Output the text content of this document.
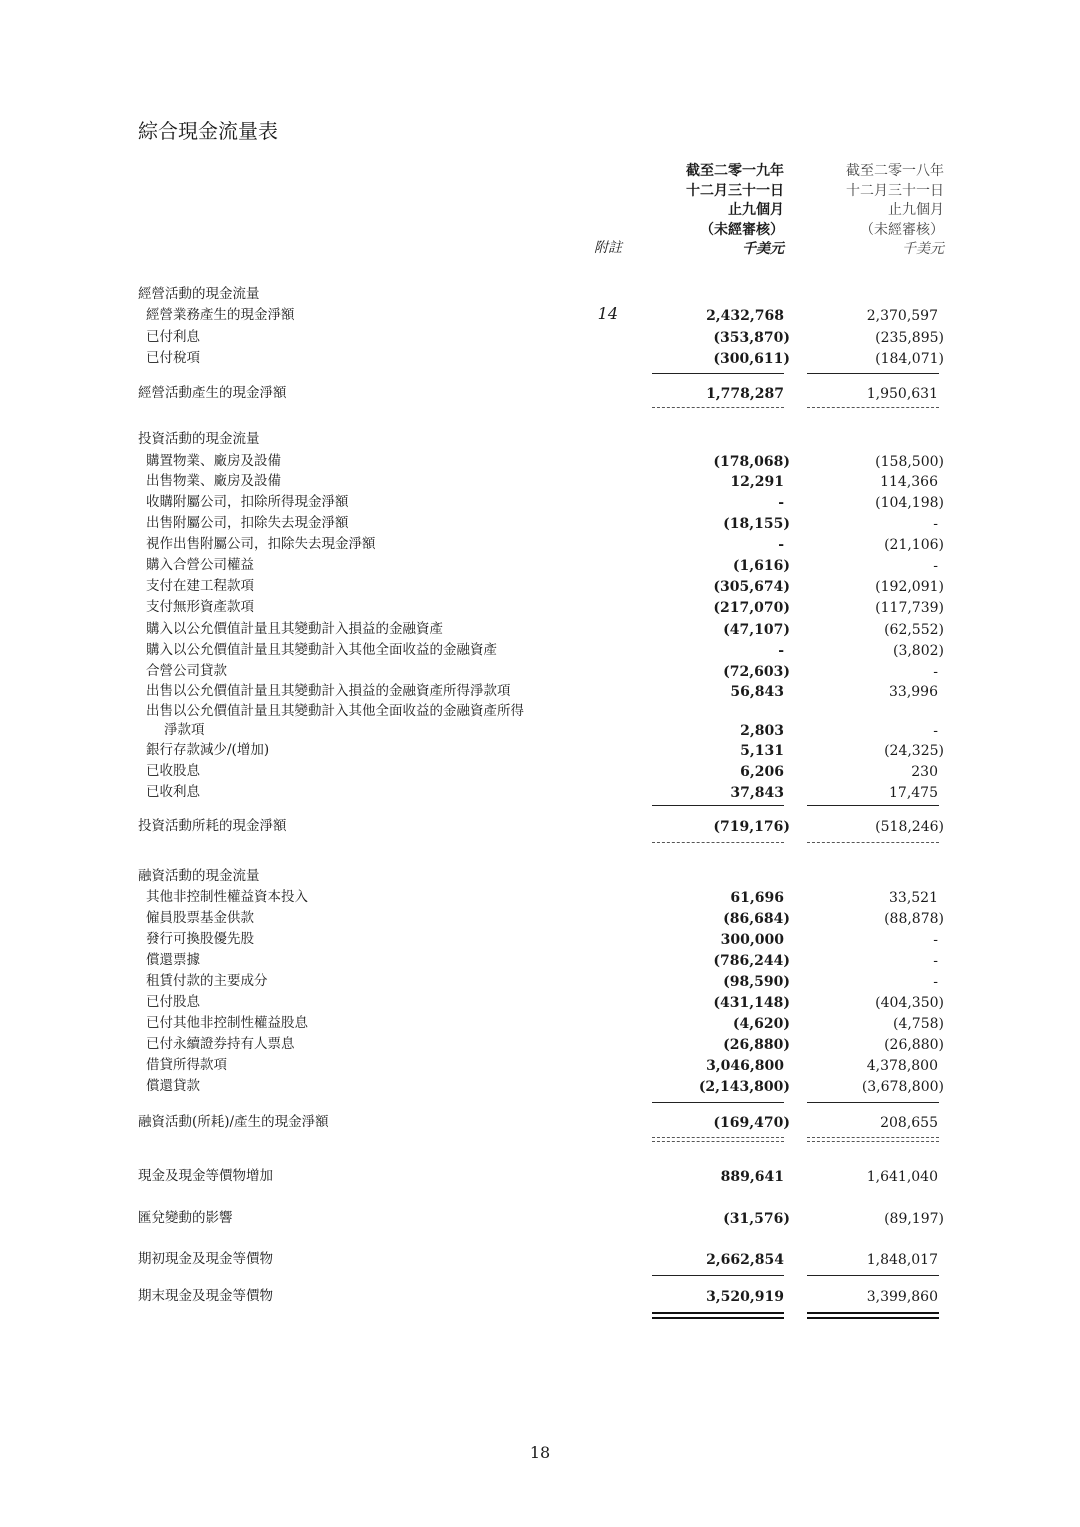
綜合現金流量表
附註
截至二零一九年
十二月三十一日
止九個月
（未經審核）
千美元
截至二零一八年
十二月三十一日
止九個月
（未經審核）
千美元
經營活動的現金流量
經營業務產生的現金淨額	14	2,432,768	2,370,597
已付利息	(353,870)	(235,895)
已付稅項	(300,611)	(184,071)
經營活動產生的現金淨額	1,778,287	1,950,631
投資活動的現金流量
購置物業、廠房及設備	(178,068)	(158,500)
出售物業、廠房及設備	12,291	114,366
收購附屬公司，扣除所得現金淨額	-	(104,198)
出售附屬公司，扣除失去現金淨額	(18,155)	-
視作出售附屬公司，扣除失去現金淨額	-	(21,106)
購入合營公司權益	(1,616)	-
支付在建工程款項	(305,674)	(192,091)
支付無形資產款項	(217,070)	(117,739)
購入以公允價值計量且其變動計入損益的金融資產	(47,107)	(62,552)
購入以公允價值計量且其變動計入其他全面收益的金融資產	-	(3,802)
合營公司貸款	(72,603)	-
出售以公允價值計量且其變動計入損益的金融資產所得淨款項	56,843	33,996
出售以公允價值計量且其變動計入其他全面收益的金融資產所得
淨款項	2,803	-
銀行存款減少/(增加)	5,131	(24,325)
已收股息	6,206	230
已收利息	37,843	17,475
投資活動所耗的現金淨額	(719,176)	(518,246)
融資活動的現金流量
其他非控制性權益資本投入	61,696	33,521
僱員股票基金供款	(86,684)	(88,878)
發行可換股優先股	300,000	-
償還票據	(786,244)	-
租賃付款的主要成分	(98,590)	-
已付股息	(431,148)	(404,350)
已付其他非控制性權益股息	(4,620)	(4,758)
已付永續證券持有人票息	(26,880)	(26,880)
借貸所得款項	3,046,800	4,378,800
償還貸款	(2,143,800)	(3,678,800)
融資活動(所耗)/產生的現金淨額	(169,470)	208,655
現金及現金等價物增加	889,641	1,641,040
匯兌變動的影響	(31,576)	(89,197)
期初現金及現金等價物	2,662,854	1,848,017
期末現金及現金等價物	3,520,919	3,399,860
18
